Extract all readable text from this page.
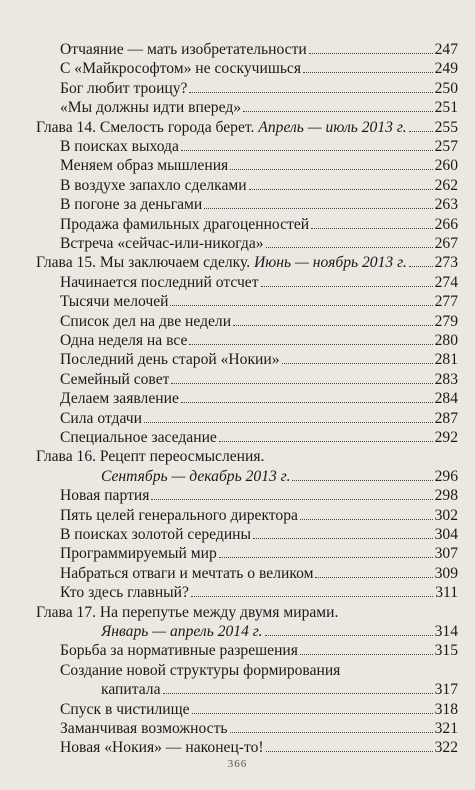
Отчаяние — мать изобретательности	247
С «Майкрософтом» не соскучишься	249
Бог любит троицу?	250
«Мы должны идти вперед»	251
Глава 14. Смелость города берет. Апрель — июль 2013 г. 255
В поисках выхода	257
Меняем образ мышления	260
В воздухе запахло сделками	262
В погоне за деньгами	263
Продажа фамильных драгоценностей	266
Встреча «сейчас-или-никогда»	267
Глава 15. Мы заключаем сделку. Июнь — ноябрь 2013 г. 273
Начинается последний отсчет	274
Тысячи мелочей	277
Список дел на две недели	279
Одна неделя на все	280
Последний день старой «Нокии»	281
Семейный совет	283
Делаем заявление	284
Сила отдачи	287
Специальное заседание	292
Глава 16. Рецепт переосмысления.
Сентябрь — декабрь 2013 г.	296
Новая партия	298
Пять целей генерального директора	302
В поисках золотой середины	304
Программируемый мир	307
Набраться отваги и мечтать о великом	309
Кто здесь главный?	311
Глава 17. На перепутье между двумя мирами.
Январь — апрель 2014 г.	314
Борьба за нормативные разрешения	315
Создание новой структуры формирования
капитала	317
Спуск в чистилище	318
Заманчивая возможность	321
Новая «Нокия» — наконец-то!	322
366
